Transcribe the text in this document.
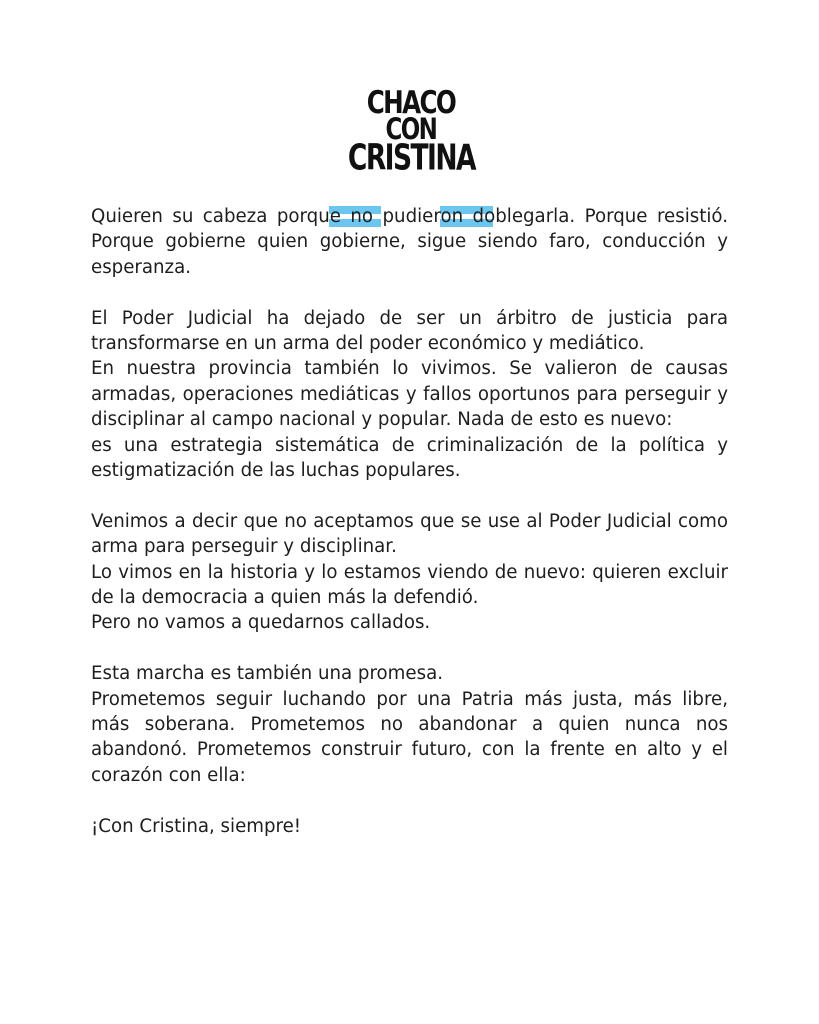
CHACO
CON
CRISTINA

Quieren su cabeza porque no pudieron doblegarla. Porque resistió. Porque gobierne quien gobierne, sigue siendo faro, conducción y esperanza.

El Poder Judicial ha dejado de ser un árbitro de justicia para transformarse en un arma del poder económico y mediático.

En nuestra provincia también lo vivimos. Se valieron de causas armadas, operaciones mediáticas y fallos oportunos para perseguir y disciplinar al campo nacional y popular. Nada de esto es nuevo:

es una estrategia sistemática de criminalización de la política y estigmatización de las luchas populares.

Venimos a decir que no aceptamos que se use al Poder Judicial como arma para perseguir y disciplinar.

Lo vimos en la historia y lo estamos viendo de nuevo: quieren excluir de la democracia a quien más la defendió.

Pero no vamos a quedarnos callados.

Esta marcha es también una promesa.

Prometemos seguir luchando por una Patria más justa, más libre, más soberana. Prometemos no abandonar a quien nunca nos abandonó. Prometemos construir futuro, con la frente en alto y el corazón con ella:

¡Con Cristina, siempre!
